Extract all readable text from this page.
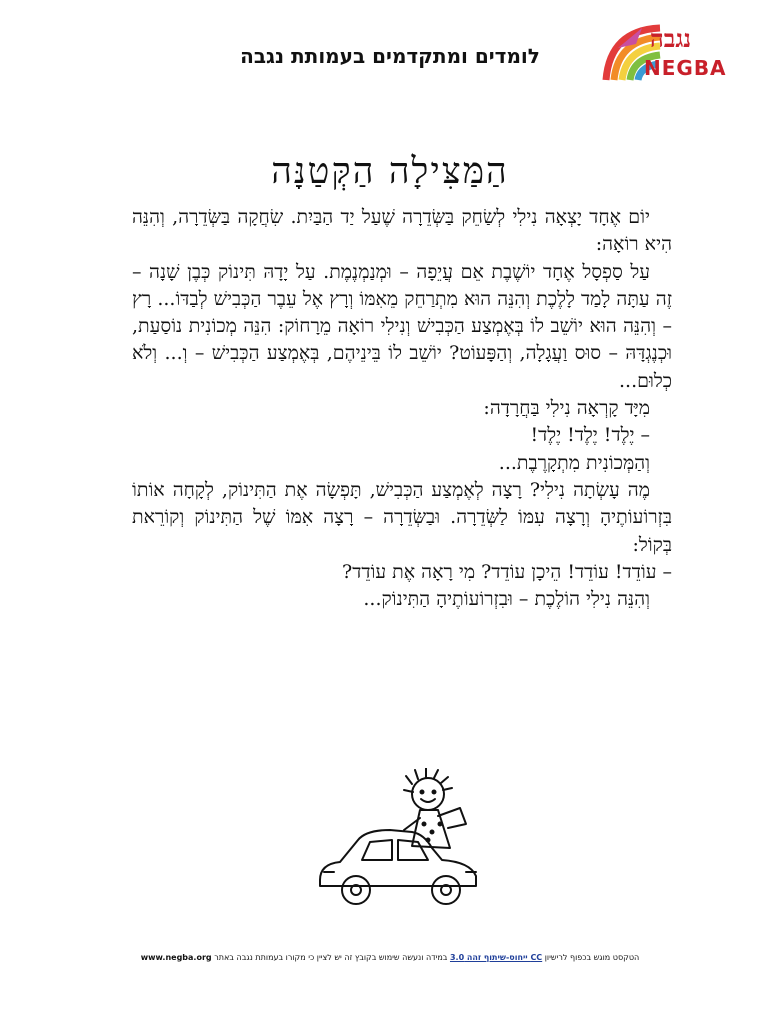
לומדים ומתקדמים בעמותת נגבה
נגבה
NEGBA
הַמַּצִּילָה הַקְּטַנָּה

יוֹם אֶחָד יָצְאָה נִילִי לְשַׂחֵק בַּשְּׂדֵרָה שֶׁעַל יַד הַבַּיִת. שִׂחֲקָה בַּשְּׂדֵרָה, וְהִנֵּה הִיא רוֹאָה:

עַל סַפְסָל אֶחָד יוֹשֶׁבֶת אֵם עֲיֵפָה – וּמְנַמְנֶמֶת. עַל יָדָהּ תִּינוֹק כְּבֶן שָׁנָה – זֶה עַתָּה לָמַד לָלֶכֶת וְהִנֵּה הוּא מִתְרַחֵק מֵאִמּוֹ וְרָץ אֶל עֵבֶר הַכְּבִישׁ לְבַדּוֹ... רָץ – וְהִנֵּה הוּא יוֹשֵׁב לוֹ בְּאֶמְצַע הַכְּבִישׁ וְנִילִי רוֹאָה מֵרָחוֹק: הִנֵּה מְכוֹנִית נוֹסַעַת, וּכְנֶגְדָּהּ – סוּס וַעֲגָלָה, וְהַפָּעוֹט? יוֹשֵׁב לוֹ בֵּינֵיהֶם, בְּאֶמְצַע הַכְּבִישׁ – וְ... וְלֹא כְלוּם...

מִיָּד קָרְאָה נִילִי בַּחֲרָדָה:

– יֶלֶד! יֶלֶד! יֶלֶד!

וְהַמְּכוֹנִית מִתְקָרֶבֶת...

מֶה עָשְׂתָה נִילִי? רָצָה לְאֶמְצַע הַכְּבִישׁ, תָּפְשָׂה אֶת הַתִּינוֹק, לְקָחָה אוֹתוֹ בִּזְרוֹעוֹתֶיהָ וְרָצָה עִמּוֹ לַשְּׂדֵרָה. וּבַשְּׂדֵרָה – רָצָה אִמּוֹ שֶׁל הַתִּינוֹק וְקוֹרֵאת בְּקוֹל:

– עוֹדֵד! עוֹדֵד! הֵיכָן עוֹדֵד? מִי רָאָה אֶת עוֹדֵד?

וְהִנֵּה נִילִי הוֹלֶכֶת – וּבִזְרוֹעוֹתֶיהָ הַתִּינוֹק...

הטקסט מוגש בכפוף לרישיון CC ייחוס-שיתוף זהה 3.0 במידה ונעשה שימוש בקובץ זה יש לציין כי מקורו בעמותת נגבה באתר www.negba.org
